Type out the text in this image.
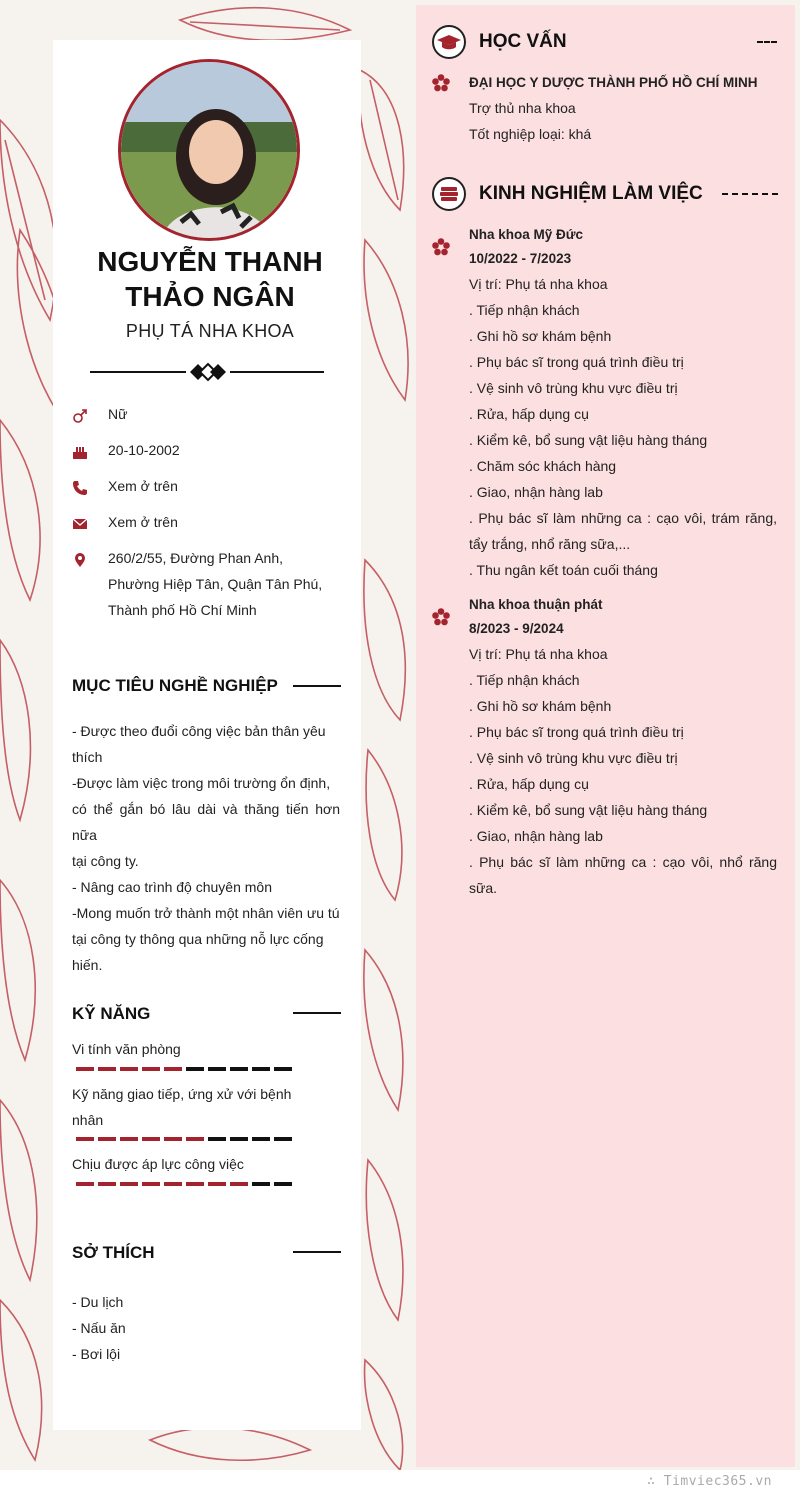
NGUYỄN THANH
THẢO NGÂN
PHỤ TÁ NHA KHOA
Nữ
20-10-2002
Xem ở trên
Xem ở trên
260/2/55, Đường Phan Anh,
Phường Hiệp Tân, Quận Tân Phú,
Thành phố Hồ Chí Minh
MỤC TIÊU NGHỀ NGHIỆP
- Được theo đuổi công việc bản thân yêu
thích
-Được làm việc trong môi trường ổn định,
có thể gắn bó lâu dài và thăng tiến hơn nữa
tại công ty.
- Nâng cao trình độ chuyên môn
-Mong muốn trở thành một nhân viên ưu tú
tại công ty thông qua những nỗ lực cống
hiến.
KỸ NĂNG
Vi tính văn phòng
Kỹ năng giao tiếp, ứng xử với bệnh
nhân
Chịu được áp lực công việc
SỞ THÍCH
- Du lịch
- Nấu ăn
- Bơi lội
HỌC VẤN
ĐẠI HỌC Y DƯỢC THÀNH PHỐ HỒ CHÍ MINH
Trợ thủ nha khoa
Tốt nghiệp loại: khá
KINH NGHIỆM LÀM VIỆC
Nha khoa Mỹ Đức
10/2022 - 7/2023
Vị trí: Phụ tá nha khoa
. Tiếp nhận khách
. Ghi hồ sơ khám bệnh
. Phụ bác sĩ trong quá trình điều trị
. Vệ sinh vô trùng khu vực điều trị
. Rửa, hấp dụng cụ
. Kiểm kê, bổ sung vật liệu hàng tháng
. Chăm sóc khách hàng
. Giao, nhận hàng lab
. Phụ bác sĩ làm những ca : cạo vôi, trám răng,
tẩy trắng, nhổ răng sữa,...
. Thu ngân kết toán cuối tháng
Nha khoa thuận phát
8/2023 - 9/2024
Vị trí: Phụ tá nha khoa
. Tiếp nhận khách
. Ghi hồ sơ khám bệnh
. Phụ bác sĩ trong quá trình điều trị
. Vệ sinh vô trùng khu vực điều trị
. Rửa, hấp dụng cụ
. Kiểm kê, bổ sung vật liệu hàng tháng
. Giao, nhận hàng lab
. Phụ bác sĩ làm những ca : cạo vôi, nhổ răng
sữa.
∴ Timviec365.vn
